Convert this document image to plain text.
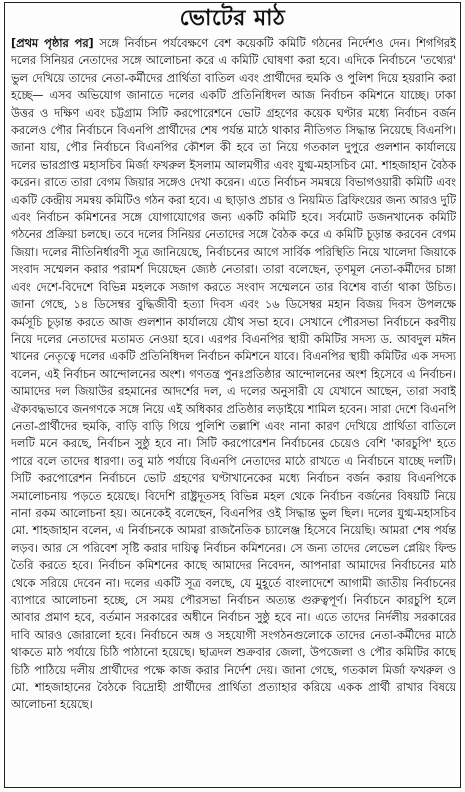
ভোটের মাঠ

[প্রথম পৃষ্ঠার পর] সঙ্গে নির্বাচন পর্যবেক্ষণে বেশ কয়েকটি কমিটি গঠনের নির্দেশও দেন। শিগগিরই দলের সিনিয়র নেতাদের সঙ্গে আলোচনা করে এ কমিটি ঘোষণা করা হবে। এদিকে নির্বাচনে 'তথ্যের' ভুল দেখিয়ে তাদের নেতা-কর্মীদের প্রার্থিতা বাতিল এবং প্রার্থীদের হুমকি ও পুলিশ দিয়ে হয়রানি করা হচ্ছে— এসব অভিযোগ জানাতে দলের একটি প্রতিনিধিদল আজ নির্বাচন কমিশনে যাচ্ছে। ঢাকা উত্তর ও দক্ষিণ এবং চট্টগ্রাম সিটি করপোরেশনে ভোট গ্রহণের কয়েক ঘণ্টার মধ্যে নির্বাচন বর্জন করলেও পৌর নির্বাচনে বিএনপি প্রার্থীদের শেষ পর্যন্ত মাঠে থাকার নীতিগত সিদ্ধান্ত নিয়েছে বিএনপি। জানা যায়, পৌর নির্বাচনে বিএনপির কৌশল কী হবে তা নিয়ে গতকাল দুপুরে গুলশান কার্যালয়ে দলের ভারপ্রাপ্ত মহাসচিব মির্জা ফখরুল ইসলাম আলমগীর এবং যুগ্ম-মহাসচিব মো. শাহজাহান বৈঠক করেন। রাতে তারা বেগম জিয়ার সঙ্গেও দেখা করেন। এতে নির্বাচন সমন্বয়ে বিভাগওয়ারী কমিটি এবং একটি কেন্দ্রীয় সমন্বয় কমিটিও গঠন করা হবে। এ ছাড়াও প্রচার ও নিয়মিত ব্রিফিংয়ের জন্য আরও দুটি এবং নির্বাচন কমিশনের সঙ্গে যোগাযোগের জন্য একটি কমিটি হবে। সর্বমোট ডজনখানেক কমিটি গঠনের প্রক্রিয়া চলছে। তবে দলের সিনিয়র নেতাদের সঙ্গে বৈঠক করে এ কমিটি চূড়ান্ত করবেন বেগম জিয়া। দলের নীতিনির্ধারণী সূত্র জানিয়েছে, নির্বাচনের আগে সার্বিক পরিস্থিতি নিয়ে খালেদা জিয়াকে সংবাদ সম্মেলন করার পরামর্শ দিয়েছেন জ্যেষ্ঠ নেতারা। তারা বলেছেন, তৃণমূল নেতা-কর্মীদের চাঙ্গা এবং দেশে-বিদেশে বিভিন্ন মহলকে সজাগ করতে সংবাদ সম্মেলনে তার বিশেষ বার্তা থাকা উচিত। জানা গেছে, ১৪ ডিসেম্বর বুদ্ধিজীবী হত্যা দিবস এবং ১৬ ডিসেম্বর মহান বিজয় দিবস উপলক্ষে কর্মসূচি চূড়ান্ত করতে আজ গুলশান কার্যালয়ে যৌথ সভা হবে। সেখানে পৌরসভা নির্বাচনে করণীয় নিয়ে দলের নেতাদের মতামত নেওয়া হবে। এরপর বিএনপির স্থায়ী কমিটির সদস্য ড. আবদুল মঈন খানের নেতৃত্বে দলের একটি প্রতিনিধিদল নির্বাচন কমিশনে যাবে। বিএনপির স্থায়ী কমিটির এক সদস্য বলেন, এই নির্বাচন আন্দোলনের অংশ। গণতন্ত্র পুনঃপ্রতিষ্ঠার আন্দোলনের অংশ হিসেবে এ নির্বাচন। আমাদের দল জিয়াউর রহমানের আদর্শের দল, এ দলের অনুসারী যে যেখানে আছেন, তারা সবাই ঐক্যবদ্ধভাবে জনগণকে সঙ্গে নিয়ে এই অধিকার প্রতিষ্ঠার লড়াইয়ে শামিল হবেন। সারা দেশে বিএনপি নেতা-প্রার্থীদের হুমকি, বাড়ি বাড়ি গিয়ে পুলিশি তল্লাশি এবং নানা কারণ দেখিয়ে প্রার্থিতা বাতিলে দলটি মনে করছে, নির্বাচন সুষ্ঠু হবে না। সিটি করপোরেশন নির্বাচনের চেয়েও বেশি 'কারচুপি' হতে পারে বলে তাদের ধারণা। তবু মাঠ পর্যায়ে বিএনপি নেতাদের মাঠে রাখতে এ নির্বাচনে যাচ্ছে দলটি। সিটি করপোরেশন নির্বাচনে ভোট গ্রহণের ঘণ্টাখানেকের মধ্যে নির্বাচন বর্জন করায় বিএনপিকে সমালোচনায় পড়তে হয়েছে। বিদেশি রাষ্ট্রদূতসহ বিভিন্ন মহল থেকে নির্বাচন বর্জনের বিষয়টি নিয়ে নানা রকম আলোচনা হয়। অনেকেই বলেছেন, বিএনপির ওই সিদ্ধান্ত ভুল ছিল। দলের যুগ্ম-মহাসচিব মো. শাহজাহান বলেন, এ নির্বাচনকে আমরা রাজনৈতিক চ্যালেঞ্জ হিসেবে নিয়েছি। আমরা শেষ পর্যন্ত লড়ব। আর সে পরিবেশ সৃষ্টি করার দায়িত্ব নির্বাচন কমিশনের। সে জন্য তাদের লেভেল প্লেয়িং ফিল্ড তৈরি করতে হবে। নির্বাচন কমিশনের কাছে আমাদের নিবেদন, আপনারা আমাদের নির্বাচনের মাঠ থেকে সরিয়ে দেবেন না। দলের একটি সূত্র বলছে, যে মুহূর্তে বাংলাদেশে আগামী জাতীয় নির্বাচনের ব্যাপারে আলোচনা হচ্ছে, সে সময় পৌরসভা নির্বাচন অত্যন্ত গুরুত্বপূর্ণ। নির্বাচনে কারচুপি হলে আবার প্রমাণ হবে, বর্তমান সরকারের অধীনে নির্বাচন সুষ্ঠু হবে না। এতে তাদের নির্দলীয় সরকারের দাবি আরও জোরালো হবে। নির্বাচনে অঙ্গ ও সহযোগী সংগঠনগুলোকে তাদের নেতা-কর্মীদের মাঠে থাকতে মাঠ পর্যায়ে চিঠি পাঠানো হয়েছে। ছাত্রদল শুক্রবার জেলা, উপজেলা ও পৌর কমিটির কাছে চিঠি পাঠিয়ে দলীয় প্রার্থীদের পক্ষে কাজ করার নির্দেশ দেয়। জানা গেছে, গতকাল মির্জা ফখরুল ও মো. শাহজাহানের বৈঠকে বিদ্রোহী প্রার্থীদের প্রার্থিতা প্রত্যাহার করিয়ে একক প্রার্থী রাখার বিষয়ে আলোচনা হয়েছে।
